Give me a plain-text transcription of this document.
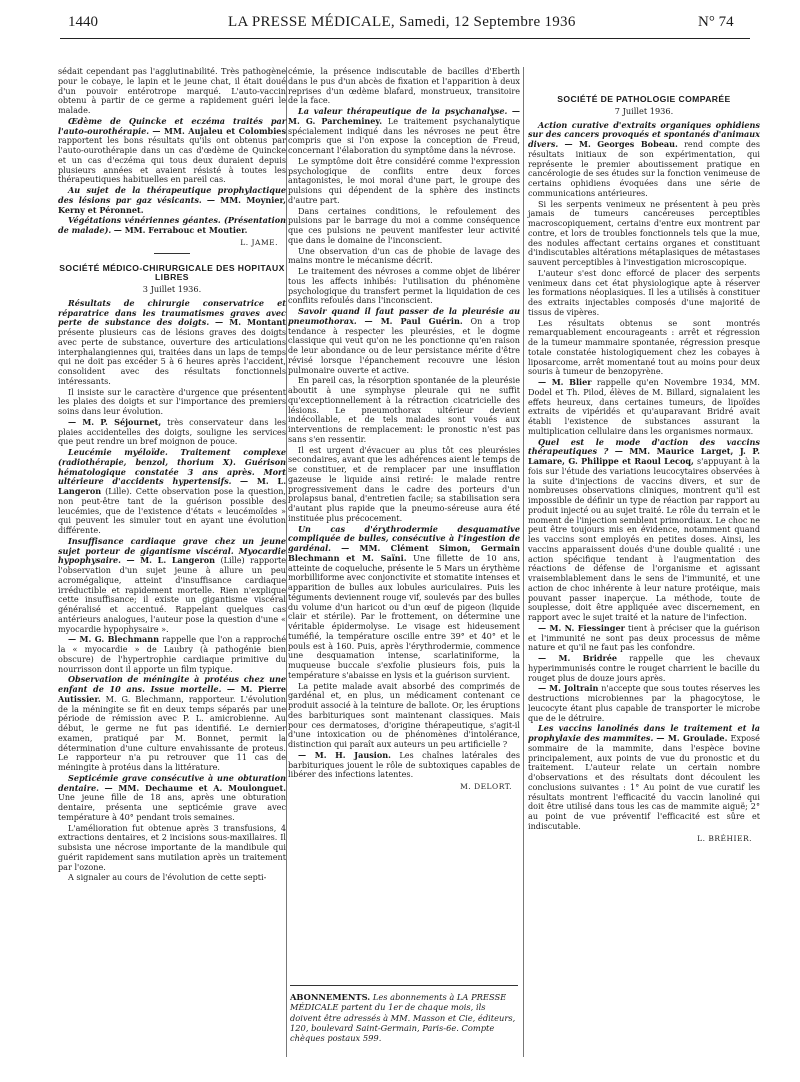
1440	LA PRESSE MÉDICALE, Samedi, 12 Septembre 1936	N° 74

sédait cependant pas l'agglutinabilité. Très pathogène pour le cobaye, le lapin et le jeune chat, il était doué d'un pouvoir entérotrope marqué. L'auto-vaccin obtenu à partir de ce germe a rapidement guéri le malade.

Œdème de Quincke et eczéma traités par l'auto-ourothérapie. — MM. Aujaleu et Colombies rapportent les bons résultats qu'ils ont obtenus par l'auto-ourothérapie dans un cas d'œdème de Quincke et un cas d'eczéma qui tous deux duraient depuis plusieurs années et avaient résisté à toutes les thérapeutiques habituelles en pareil cas.

Au sujet de la thérapeutique prophylactique des lésions par gaz vésicants. — MM. Moynier, Kerny et Péronnet.

Végétations vénériennes géantes. (Présentation de malade). — MM. Ferrabouc et Moutier.

L. JAME.

SOCIÉTÉ MÉDICO-CHIRURGICALE DES HOPITAUX LIBRES

3 Juillet 1936.

Résultats de chirurgie conservatrice et réparatrice dans les traumatismes graves avec perte de substance des doigts. — M. Montant présente plusieurs cas de lésions graves des doigts avec perte de substance, ouverture des articulations interphalangiennes qui, traitées dans un laps de temps qui ne doit pas excéder 5 à 6 heures après l'accident, consolident avec des résultats fonctionnels intéressants.

Il insiste sur le caractère d'urgence que présentent les plaies des doigts et sur l'importance des premiers soins dans leur évolution.

— M. P. Séjournet, très conservateur dans les plaies accidentelles des doigts, souligne les services que peut rendre un bref moignon de pouce.

Leucémie myéloïde. Traitement complexe (radiothérapie, benzol, thorium X). Guérison hématologique constatée 3 ans après. Mort ultérieure d'accidents hypertensifs. — M. L. Langeron (Lille). Cette observation pose la question, non peut-être tant de la guérison possible des leucémies, que de l'existence d'états « leucémoïdes » qui peuvent les simuler tout en ayant une évolution différente.

Insuffisance cardiaque grave chez un jeune sujet porteur de gigantisme viscéral. Myocardie hypophysaire. — M. L. Langeron (Lille) rapporte l'observation d'un sujet jeune à allure un peu acromégalique, atteint d'insuffisance cardiaque irréductible et rapidement mortelle. Rien n'explique cette insuffisance; il existe un gigantisme viscéral généralisé et accentué. Rappelant quelques cas antérieurs analogues, l'auteur pose la question d'une « myocardie hypophysaire ».

— M. G. Blechmann rappelle que l'on a rapproché la « myocardie » de Laubry (à pathogénie bien obscure) de l'hypertrophie cardiaque primitive du nourrisson dont il apporte un film typique.

Observation de méningite à protéus chez une enfant de 10 ans. Issue mortelle. — M. Pierre Autissier. M. G. Blechmann, rapporteur. L'évolution de la méningite se fit en deux temps séparés par une période de rémission avec P. L. amicrobienne. Au début, le germe ne fut pas identifié. Le dernier examen, pratiqué par M. Bonnet, permit la détermination d'une culture envahissante de proteus. Le rapporteur n'a pu retrouver que 11 cas de méningite à protéus dans la littérature.

Septicémie grave consécutive à une obturation dentaire. — MM. Dechaume et A. Moulonguet. Une jeune fille de 18 ans, après une obturation dentaire, présenta une septicémie grave avec température à 40° pendant trois semaines.

L'amélioration fut obtenue après 3 transfusions, 4 extractions dentaires, et 2 incisions sous-maxillaires. Il subsista une nécrose importante de la mandibule qui guérit rapidement sans mutilation après un traitement par l'ozone.

A signaler au cours de l'évolution de cette septi-

cémie, la présence indiscutable de bacilles d'Eberth dans le pus d'un abcès de fixation et l'apparition à deux reprises d'un œdème blafard, monstrueux, transitoire de la face.

La valeur thérapeutique de la psychanalyse. — M. G. Parcheminey. Le traitement psychanalytique spécialement indiqué dans les névroses ne peut être compris que si l'on expose la conception de Freud, concernant l'élaboration du symptôme dans la névrose.

Le symptôme doit être considéré comme l'expression psychologique de conflits entre deux forces antagonistes, le moi moral d'une part, le groupe des pulsions qui dépendent de la sphère des instincts d'autre part.

Dans certaines conditions, le refoulement des pulsions par le barrage du moi a comme conséquence que ces pulsions ne peuvent manifester leur activité que dans le domaine de l'inconscient.

Une observation d'un cas de phobie de lavage des mains montre le mécanisme décrit.

Le traitement des névroses a comme objet de libérer tous les affects inhibés: l'utilisation du phénomène psychologique du transfert permet la liquidation de ces conflits refoulés dans l'inconscient.

Savoir quand il faut passer de la pleurésie au pneumothorax. — M. Paul Guérin. On a trop tendance à respecter les pleurésies, et le dogme classique qui veut qu'on ne les ponctionne qu'en raison de leur abondance ou de leur persistance mérite d'être révisé lorsque l'épanchement recouvre une lésion pulmonaire ouverte et active.

En pareil cas, la résorption spontanée de la pleurésie aboutit à une symphyse pleurale qui ne suffit qu'exceptionnellement à la rétraction cicatricielle des lésions. Le pneumothorax ultérieur devient indécollable, et de tels malades sont voués aux interventions de remplacement: le pronostic n'est pas sans s'en ressentir.

Il est urgent d'évacuer au plus tôt ces pleurésies secondaires, avant que les adhérences aient le temps de se constituer, et de remplacer par une insufflation gazeuse le liquide ainsi retiré: le malade rentre progressivement dans le cadre des porteurs d'un prolapsus banal, d'entretien facile; sa stabilisation sera d'autant plus rapide que la pneumo-séreuse aura été instituée plus précocement.

Un cas d'érythrodermie desquamative compliquée de bulles, consécutive à l'ingestion de gardénal. — MM. Clément Simon, Germain Blechmann et M. Saïni. Une fillette de 10 ans, atteinte de coqueluche, présente le 5 Mars un érythème morbilliforme avec conjonctivite et stomatite intenses et apparition de bulles aux lobules auriculaires. Puis les téguments deviennent rouge vif, soulevés par des bulles du volume d'un haricot ou d'un œuf de pigeon (liquide clair et stérile). Par le frottement, on détermine une véritable épidermolyse. Le visage est hideusement tuméfié, la température oscille entre 39° et 40° et le pouls est à 160. Puis, après l'érythrodermie, commence une desquamation intense, scarlatiniforme, la muqueuse buccale s'exfolie plusieurs fois, puis la température s'abaisse en lysis et la guérison survient.

La petite malade avait absorbé des comprimés de gardénal et, en plus, un médicament contenant ce produit associé à la teinture de ballote. Or, les éruptions des barbituriques sont maintenant classiques. Mais pour ces dermatoses, d'origine thérapeutique, s'agit-il d'une intoxication ou de phénomènes d'intolérance, distinction qui paraît aux auteurs un peu artificielle ?

— M. H. Jausion. Les chaînes latérales des barbituriques jouent le rôle de subtoxiques capables de libérer des infections latentes.

M. DELORT.

ABONNEMENTS. Les abonnements à LA PRESSE MÉDICALE partent du 1er de chaque mois, ils doivent être adressés à MM. Masson et Cie, éditeurs, 120, boulevard Saint-Germain, Paris-6e. Compte chèques postaux 599.

SOCIÉTÉ DE PATHOLOGIE COMPARÉE

7 Juillet 1936.

Action curative d'extraits organiques ophidiens sur des cancers provoqués et spontanés d'animaux divers. — M. Georges Bobeau. rend compte des résultats initiaux de son expérimentation, qui représente le premier aboutissement pratique en cancérologie de ses études sur la fonction venimeuse de certains ophidiens évoquées dans une série de communications antérieures.

Si les serpents venimeux ne présentent à peu près jamais de tumeurs cancéreuses perceptibles macroscopiquement, certains d'entre eux montrent par contre, et lors de troubles fonctionnels tels que la mue, des nodules affectant certains organes et constituant d'indiscutables altérations métaplasiques de métastases sauvent perceptibles à l'investigation microscopique.

L'auteur s'est donc efforcé de placer des serpents venimeux dans cet état physiologique apte à réserver les formations néoplasiques. Il les a utilisés à constituer des extraits injectables composés d'une majorité de tissus de vipères.

Les résultats obtenus se sont montrés remarquablement encourageants : arrêt et régression de la tumeur mammaire spontanée, régression presque totale constatée histologiquement chez les cobayes à liposarcome, arrêt momentané tout au moins pour deux souris à tumeur de benzopyrène.

— M. Blier rappelle qu'en Novembre 1934, MM. Dodel et Th. Pilod, élèves de M. Billard, signalaient les effets heureux, dans certaines tumeurs, de lipoïdes extraits de vipéridés et qu'auparavant Bridré avait établi l'existence de substances assurant la multiplication cellulaire dans les organismes normaux.

Quel est le mode d'action des vaccins thérapeutiques ? — MM. Maurice Larget, J. P. Lamare, G. Philippe et Raoul Lecoq, s'appuyant à la fois sur l'étude des variations leucocytaires observées à la suite d'injections de vaccins divers, et sur de nombreuses observations cliniques, montrent qu'il est impossible de définir un type de réaction par rapport au produit injecté ou au sujet traité. Le rôle du terrain et le moment de l'injection semblent primordiaux. Le choc ne peut être toujours mis en évidence, notamment quand les vaccins sont employés en petites doses. Ainsi, les vaccins apparaissent doués d'une double qualité : une action spécifique tendant à l'augmentation des réactions de défense de l'organisme et agissant vraisemblablement dans le sens de l'immunité, et une action de choc inhérente à leur nature protéique, mais pouvant passer inaperçue. La méthode, toute de souplesse, doit être appliquée avec discernement, en rapport avec le sujet traité et la nature de l'infection.

— M. N. Fiessinger tient à préciser que la guérison et l'immunité ne sont pas deux processus de même nature et qu'il ne faut pas les confondre.

— M. Bridrée rappelle que les chevaux hyperimmunisés contre le rouget charrient le bacille du rouget plus de douze jours après.

— M. Joltrain n'accepte que sous toutes réserves les destructions microbiennes par la phagocytose, le leucocyte étant plus capable de transporter le microbe que de le détruire.

Les vaccins lanolinés dans le traitement et la prophylaxie des mammites. — M. Groulade. Exposé sommaire de la mammite, dans l'espèce bovine principalement, aux points de vue du pronostic et du traitement. L'auteur relate un certain nombre d'observations et des résultats dont découlent les conclusions suivantes : 1° Au point de vue curatif les résultats montrent l'efficacité du vaccin lanoliné qui doit être utilisé dans tous les cas de mammite aiguë; 2° au point de vue préventif l'efficacité est sûre et indiscutable.

L. BRÉHIER.
